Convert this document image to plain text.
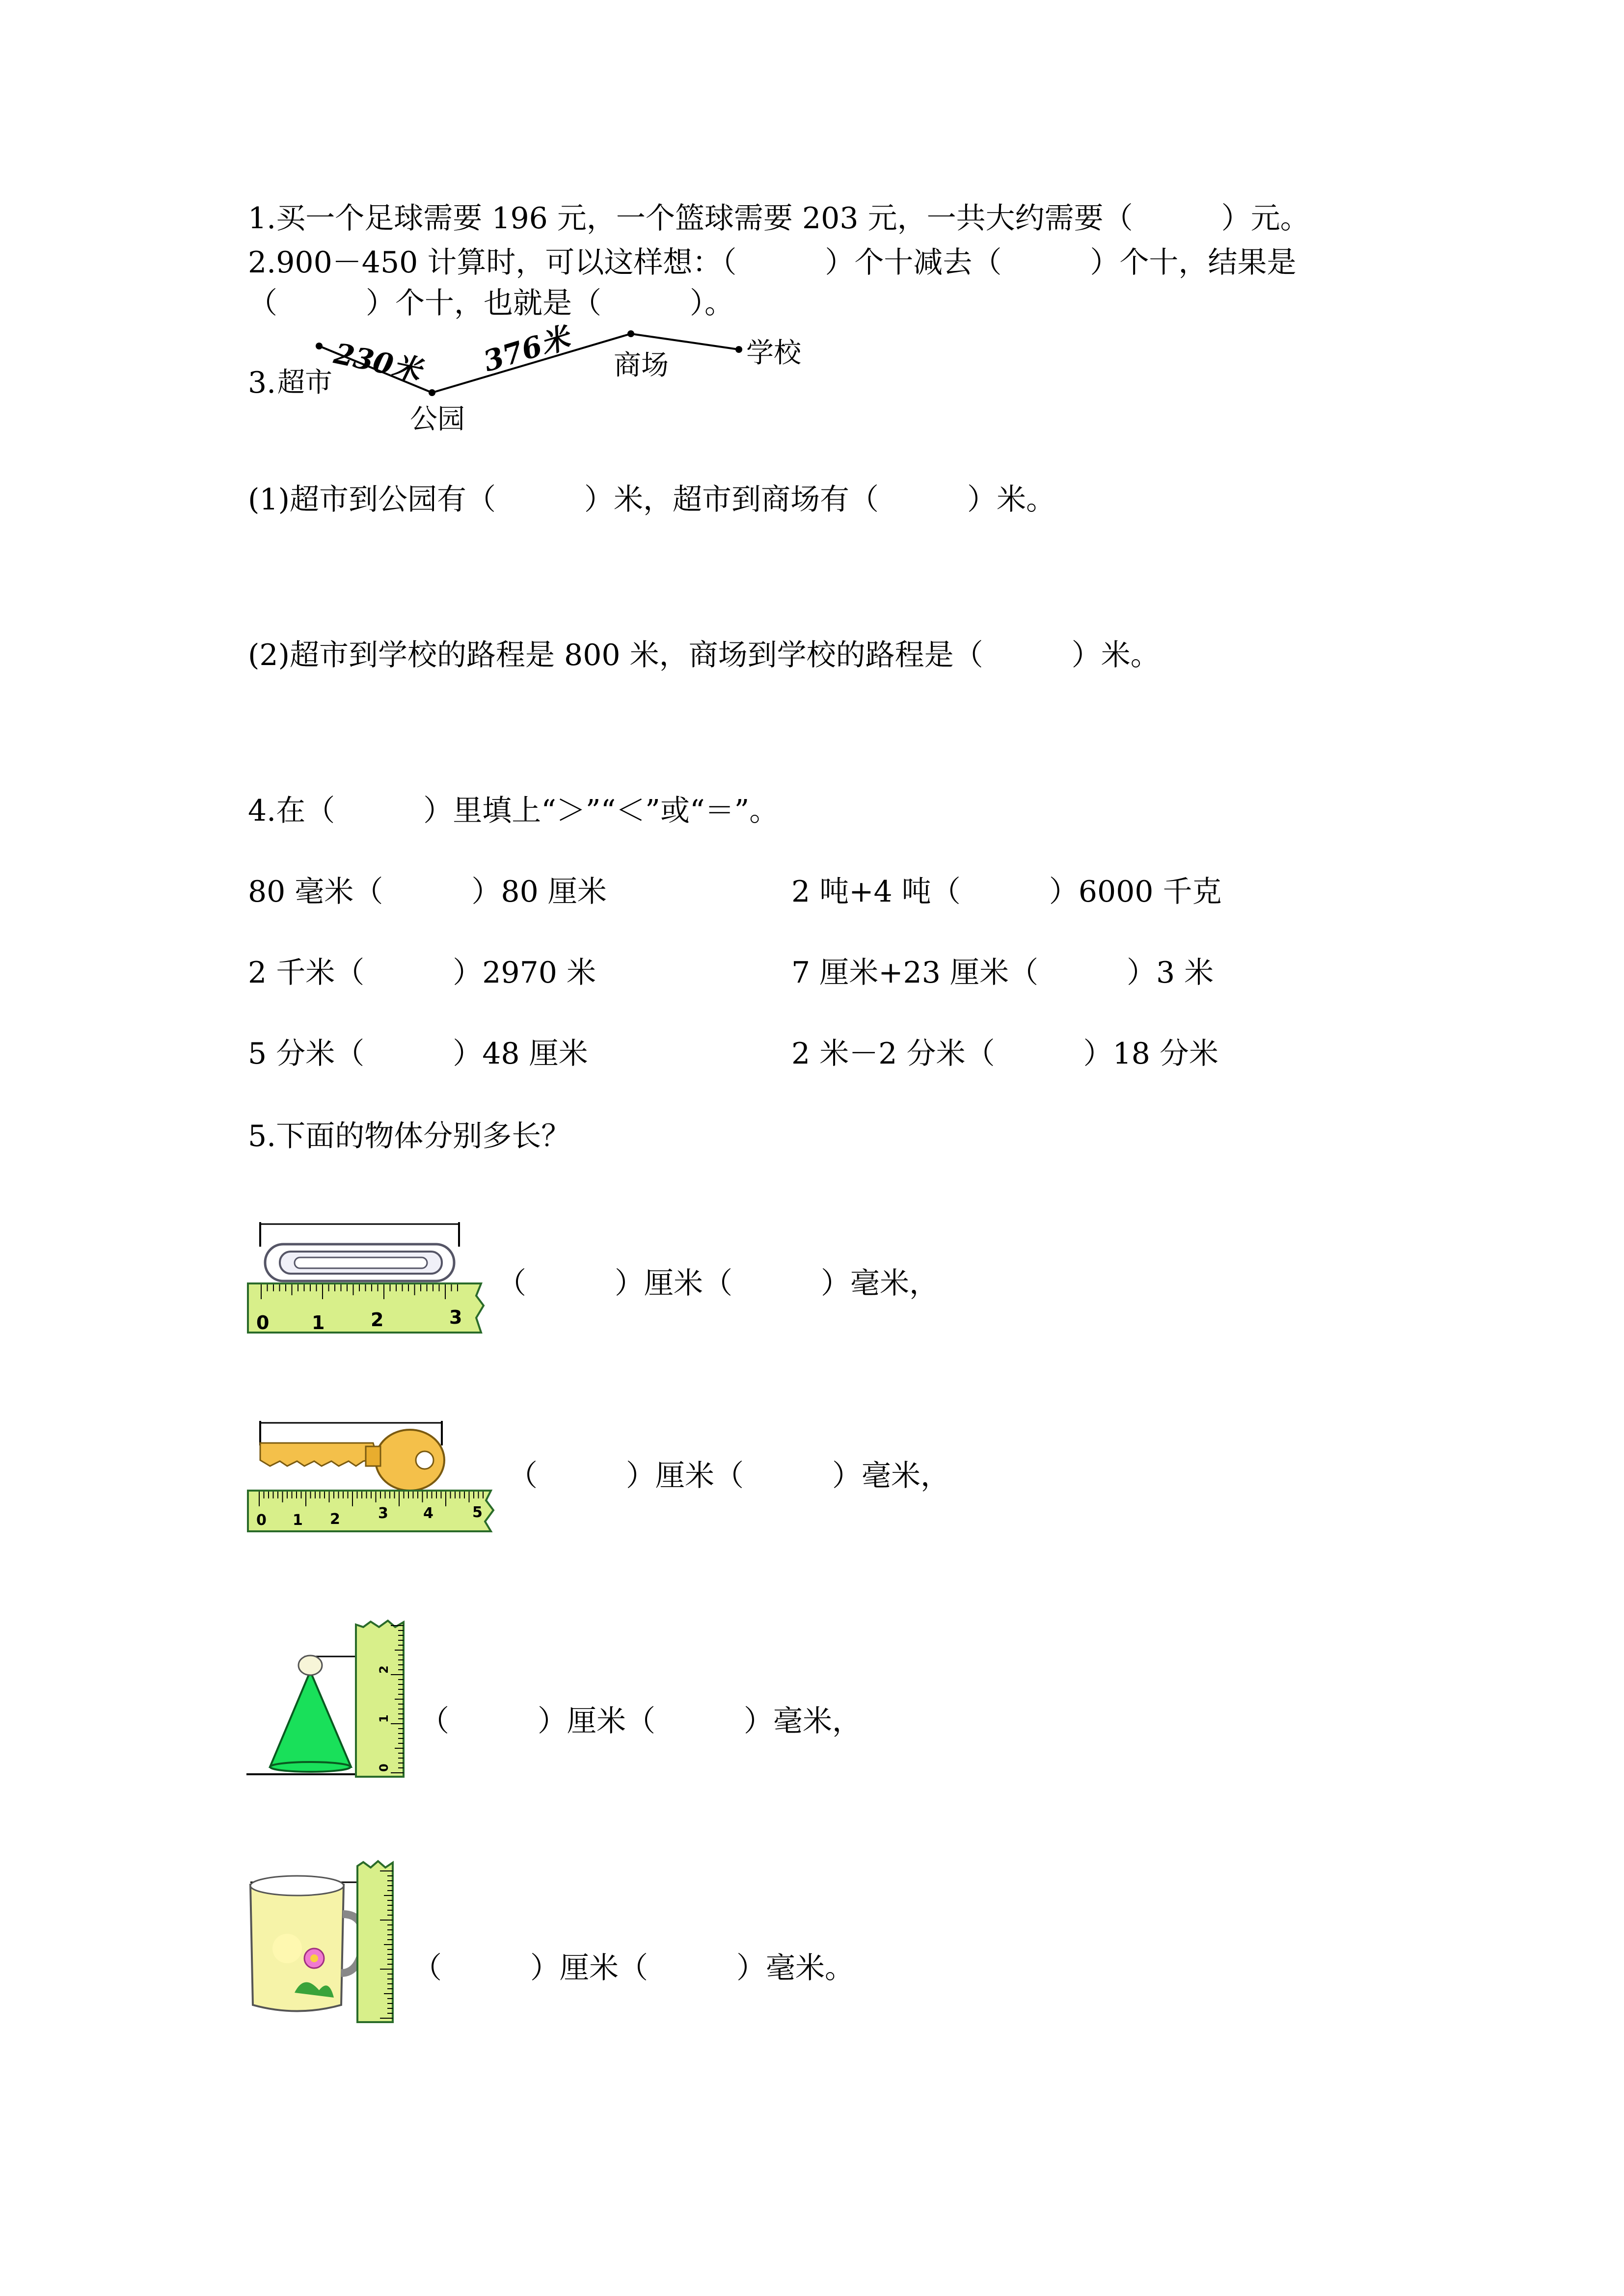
1.买一个足球需要 196 元，一个篮球需要 203 元，一共大约需要（　　　）元。
2.900－450 计算时，可以这样想：（　　　）个十减去（　　　）个十，结果是
（　　　）个十，也就是（　　　）。
3. 超市
公园
商场	学校
230米 376米
(1)超市到公园有（　　　）米，超市到商场有（　　　）米。
(2)超市到学校的路程是 800 米，商场到学校的路程是（　　　）米。
4.在（　　　）里填上“＞”“＜”或“＝”。
80 毫米（　　　）80 厘米	2 吨+4 吨（　　　）6000 千克
2 千米（　　　）2970 米	7 厘米+23 厘米（　　　）3 米
5 分米（　　　）48 厘米	2 米－2 分米（　　　）18 分米
5.下面的物体分别多长？
0 1 2	3
（　　　）厘米（　　　）毫米，
0 1 2	3 4	5
（　　　）厘米（　　　）毫米，
0
1
2
（　　　）厘米（　　　）毫米，
（　　　）厘米（　　　）毫米。
